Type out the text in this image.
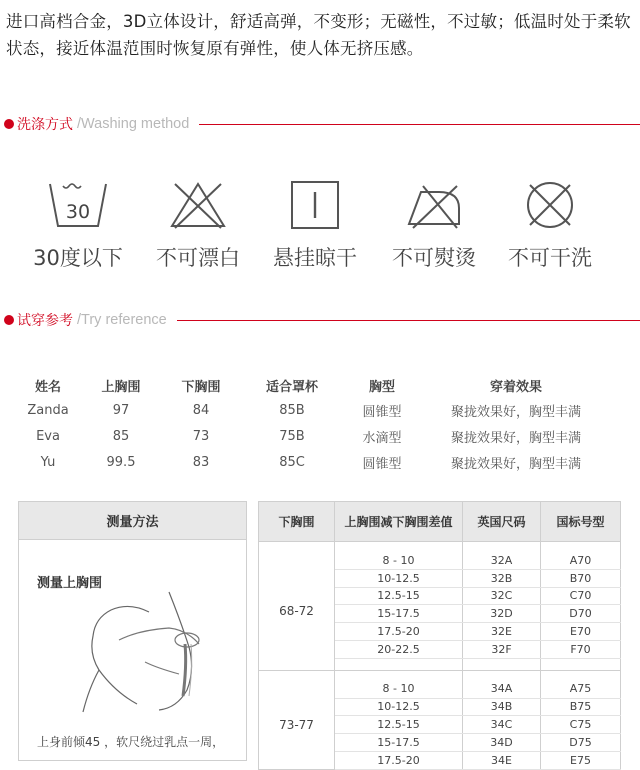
进口高档合金，3D立体设计，舒适高弹，不变形；无磁性，不过敏；低温时处于柔软状态，接近体温范围时恢复原有弹性，使人体无挤压感。
洗涤方式 /Washing method
30
30度以下	不可漂白	悬挂晾干	不可熨烫	不可干洗
试穿参考 /Try reference
姓名	上胸围	下胸围	适合罩杯	胸型	穿着效果
Zanda	97	84	85B	圆锥型	聚拢效果好，胸型丰满
Eva	85	73	75B	水滴型	聚拢效果好，胸型丰满
Yu	99.5	83	85C	圆锥型	聚拢效果好，胸型丰满
测量方法
测量上胸围
上身前倾45 ，软尺绕过乳点一周，
下胸围	上胸围减下胸围差值	英国尺码	国标号型

68-72	8 - 10	32A	A70
	10-12.5	32B	B70
	12.5-15	32C	C70
	15-17.5	32D	D70
	17.5-20	32E	E70
	20-22.5	32F	F70

73-77	8 - 10	34A	A75
	10-12.5	34B	B75
	12.5-15	34C	C75
	15-17.5	34D	D75
	17.5-20	34E	E75
